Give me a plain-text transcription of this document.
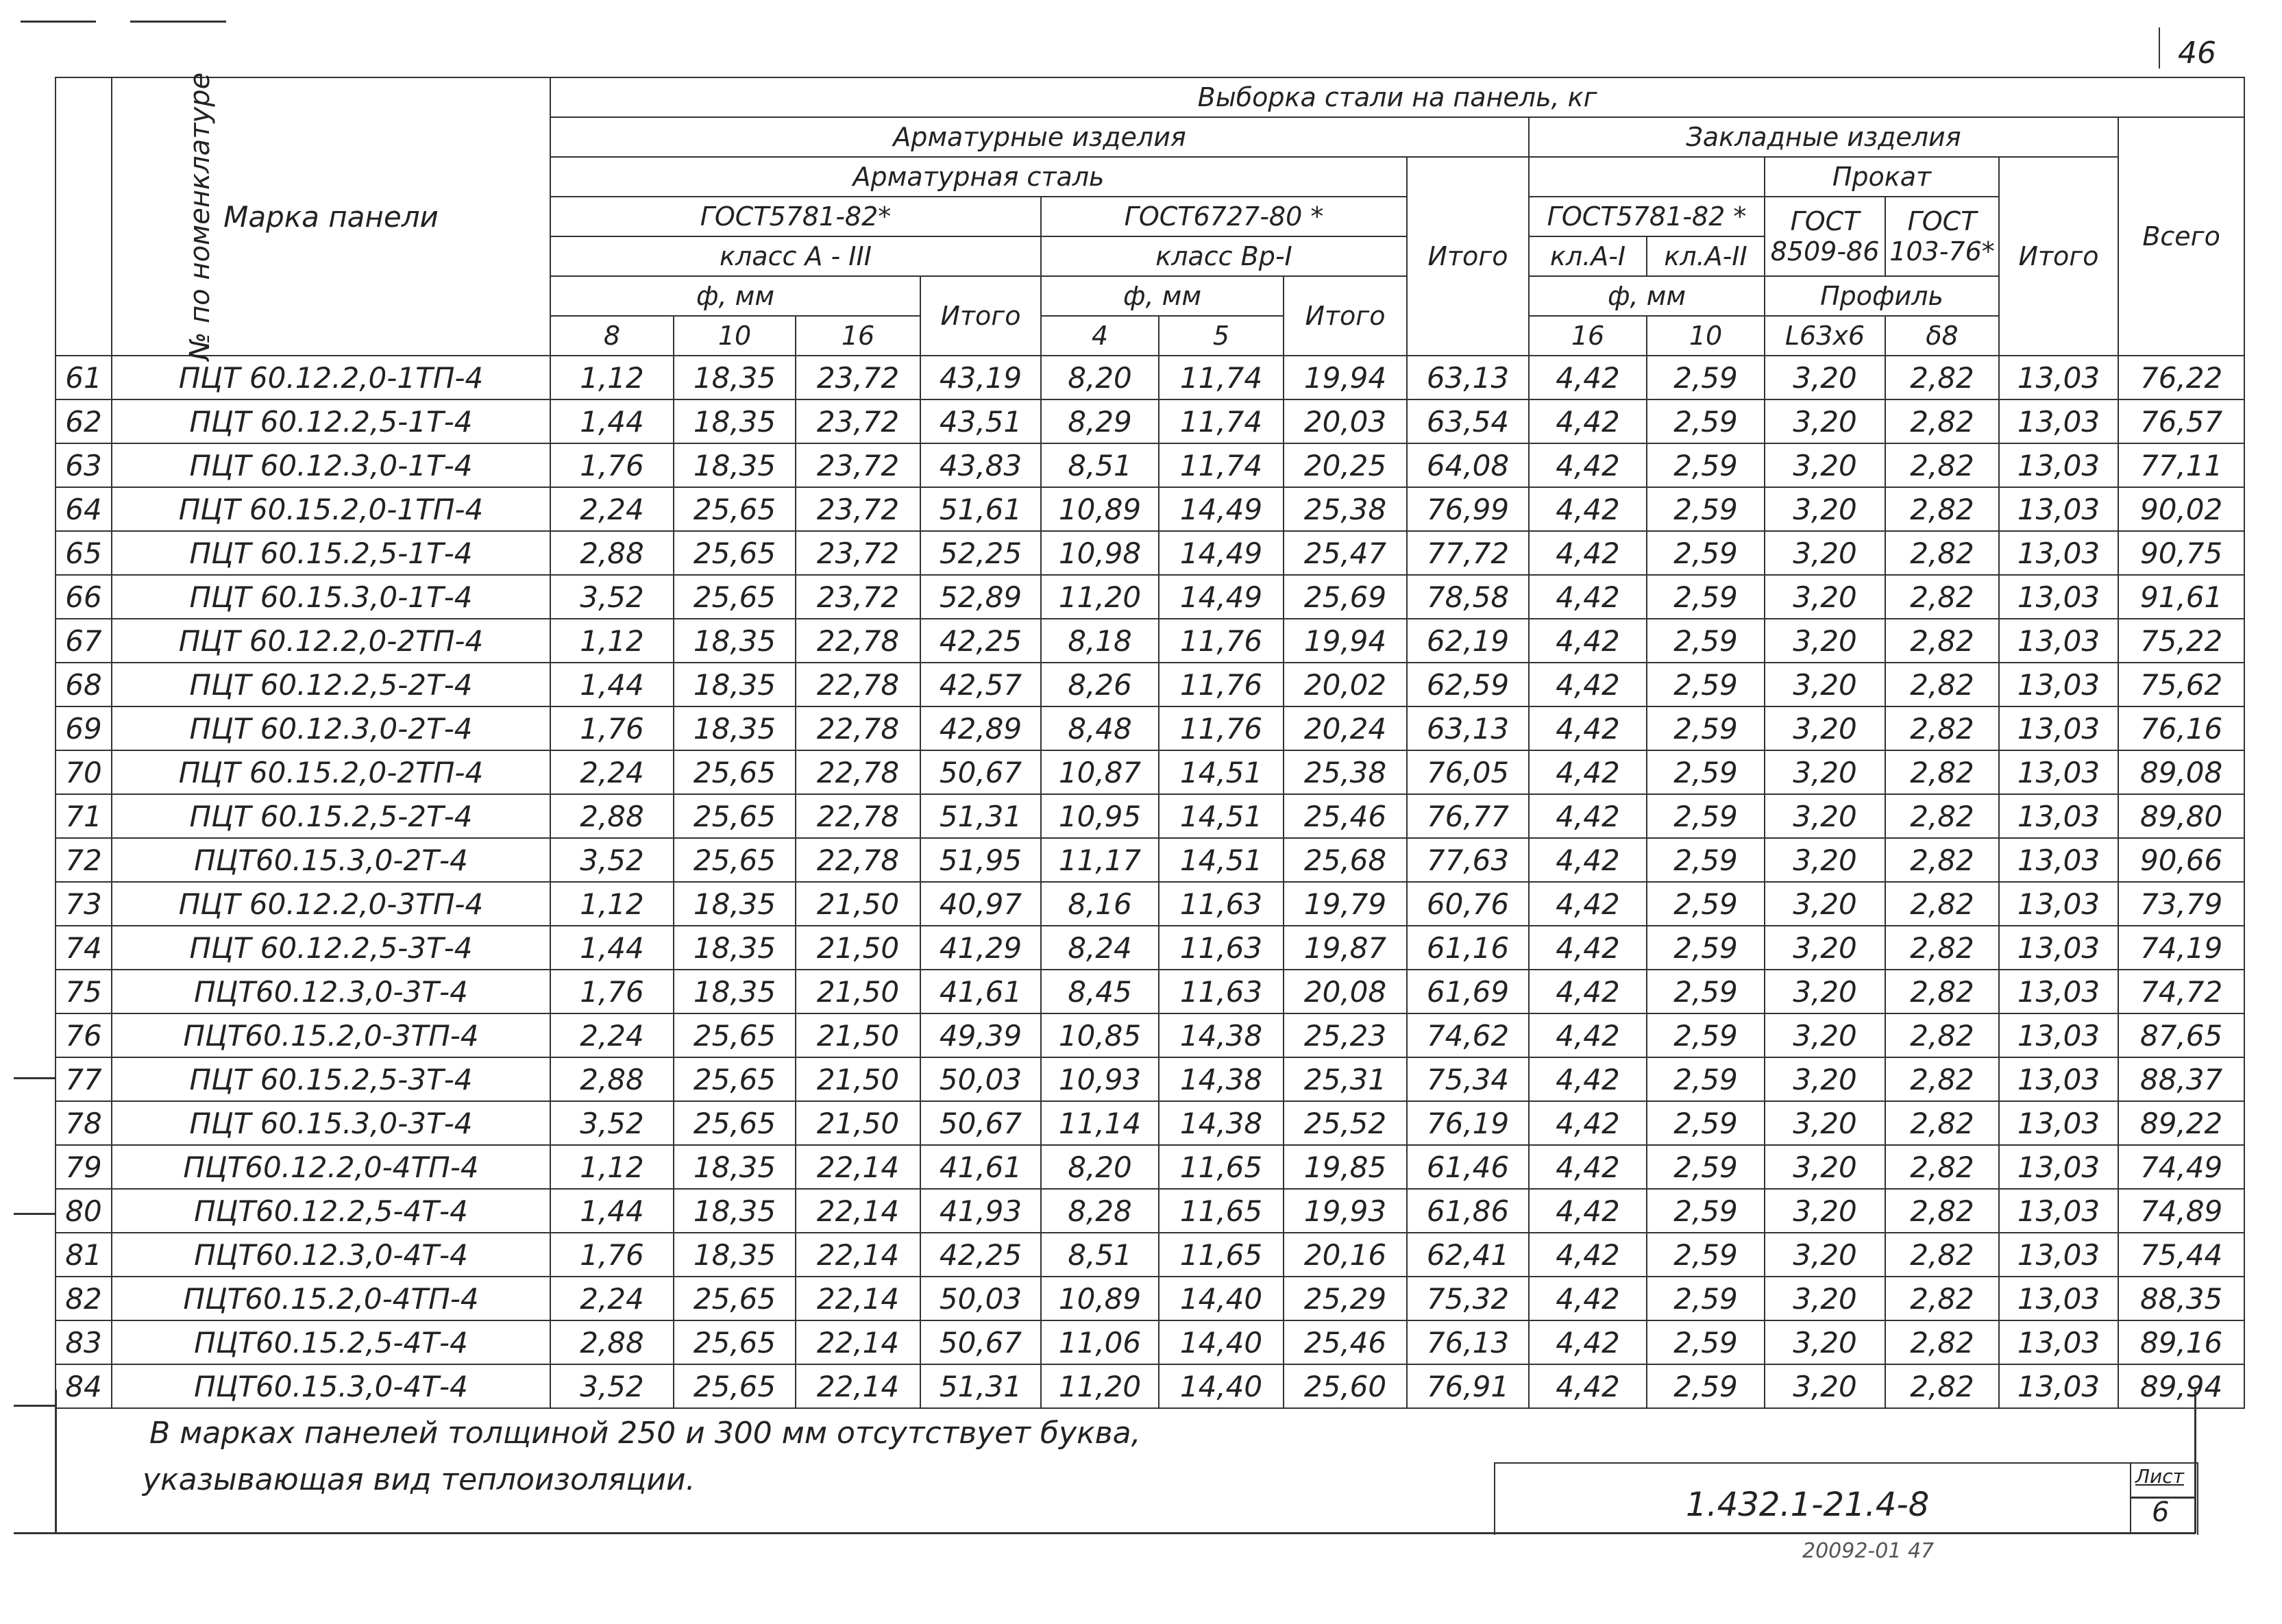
46
№ по номенклатуре	Марка панели	Выборка стали на панель, кг													
		Арматурные изделия								Закладные изделия					Всего
		Арматурная сталь							Итого			Прокат		Итого	
		ГОСТ5781-82*				ГОСТ6727-80 *				ГОСТ5781-82 *		ГОСТ 8509-86	ГОСТ 103-76*		
		класс А - III				класс Вр-I				кл.А-I	кл.А-II				
		ф, мм			Итого	ф, мм		Итого		ф, мм		Профиль			
		8	10	16		4	5			16	10	L63х6	δ8		
61	ПЦТ 60.12.2,0-1ТП-4	1,12	18,35	23,72	43,19	8,20	11,74	19,94	63,13	4,42	2,59	3,20	2,82	13,03	76,22
62	ПЦТ 60.12.2,5-1Т-4	1,44	18,35	23,72	43,51	8,29	11,74	20,03	63,54	4,42	2,59	3,20	2,82	13,03	76,57
63	ПЦТ 60.12.3,0-1Т-4	1,76	18,35	23,72	43,83	8,51	11,74	20,25	64,08	4,42	2,59	3,20	2,82	13,03	77,11
64	ПЦТ 60.15.2,0-1ТП-4	2,24	25,65	23,72	51,61	10,89	14,49	25,38	76,99	4,42	2,59	3,20	2,82	13,03	90,02
65	ПЦТ 60.15.2,5-1Т-4	2,88	25,65	23,72	52,25	10,98	14,49	25,47	77,72	4,42	2,59	3,20	2,82	13,03	90,75
66	ПЦТ 60.15.3,0-1Т-4	3,52	25,65	23,72	52,89	11,20	14,49	25,69	78,58	4,42	2,59	3,20	2,82	13,03	91,61
67	ПЦТ 60.12.2,0-2ТП-4	1,12	18,35	22,78	42,25	8,18	11,76	19,94	62,19	4,42	2,59	3,20	2,82	13,03	75,22
68	ПЦТ 60.12.2,5-2Т-4	1,44	18,35	22,78	42,57	8,26	11,76	20,02	62,59	4,42	2,59	3,20	2,82	13,03	75,62
69	ПЦТ 60.12.3,0-2Т-4	1,76	18,35	22,78	42,89	8,48	11,76	20,24	63,13	4,42	2,59	3,20	2,82	13,03	76,16
70	ПЦТ 60.15.2,0-2ТП-4	2,24	25,65	22,78	50,67	10,87	14,51	25,38	76,05	4,42	2,59	3,20	2,82	13,03	89,08
71	ПЦТ 60.15.2,5-2Т-4	2,88	25,65	22,78	51,31	10,95	14,51	25,46	76,77	4,42	2,59	3,20	2,82	13,03	89,80
72	ПЦТ60.15.3,0-2Т-4	3,52	25,65	22,78	51,95	11,17	14,51	25,68	77,63	4,42	2,59	3,20	2,82	13,03	90,66
73	ПЦТ 60.12.2,0-3ТП-4	1,12	18,35	21,50	40,97	8,16	11,63	19,79	60,76	4,42	2,59	3,20	2,82	13,03	73,79
74	ПЦТ 60.12.2,5-3Т-4	1,44	18,35	21,50	41,29	8,24	11,63	19,87	61,16	4,42	2,59	3,20	2,82	13,03	74,19
75	ПЦТ60.12.3,0-3Т-4	1,76	18,35	21,50	41,61	8,45	11,63	20,08	61,69	4,42	2,59	3,20	2,82	13,03	74,72
76	ПЦТ60.15.2,0-3ТП-4	2,24	25,65	21,50	49,39	10,85	14,38	25,23	74,62	4,42	2,59	3,20	2,82	13,03	87,65
77	ПЦТ 60.15.2,5-3Т-4	2,88	25,65	21,50	50,03	10,93	14,38	25,31	75,34	4,42	2,59	3,20	2,82	13,03	88,37
78	ПЦТ 60.15.3,0-3Т-4	3,52	25,65	21,50	50,67	11,14	14,38	25,52	76,19	4,42	2,59	3,20	2,82	13,03	89,22
79	ПЦТ60.12.2,0-4ТП-4	1,12	18,35	22,14	41,61	8,20	11,65	19,85	61,46	4,42	2,59	3,20	2,82	13,03	74,49
80	ПЦТ60.12.2,5-4Т-4	1,44	18,35	22,14	41,93	8,28	11,65	19,93	61,86	4,42	2,59	3,20	2,82	13,03	74,89
81	ПЦТ60.12.3,0-4Т-4	1,76	18,35	22,14	42,25	8,51	11,65	20,16	62,41	4,42	2,59	3,20	2,82	13,03	75,44
82	ПЦТ60.15.2,0-4ТП-4	2,24	25,65	22,14	50,03	10,89	14,40	25,29	75,32	4,42	2,59	3,20	2,82	13,03	88,35
83	ПЦТ60.15.2,5-4Т-4	2,88	25,65	22,14	50,67	11,06	14,40	25,46	76,13	4,42	2,59	3,20	2,82	13,03	89,16
84	ПЦТ60.15.3,0-4Т-4	3,52	25,65	22,14	51,31	11,20	14,40	25,60	76,91	4,42	2,59	3,20	2,82	13,03	89,94
В марках панелей толщиной 250 и 300 мм отсутствует буква,
указывающая вид теплоизоляции.
1.432.1-21.4-8
Лист
6
20092-01 47
